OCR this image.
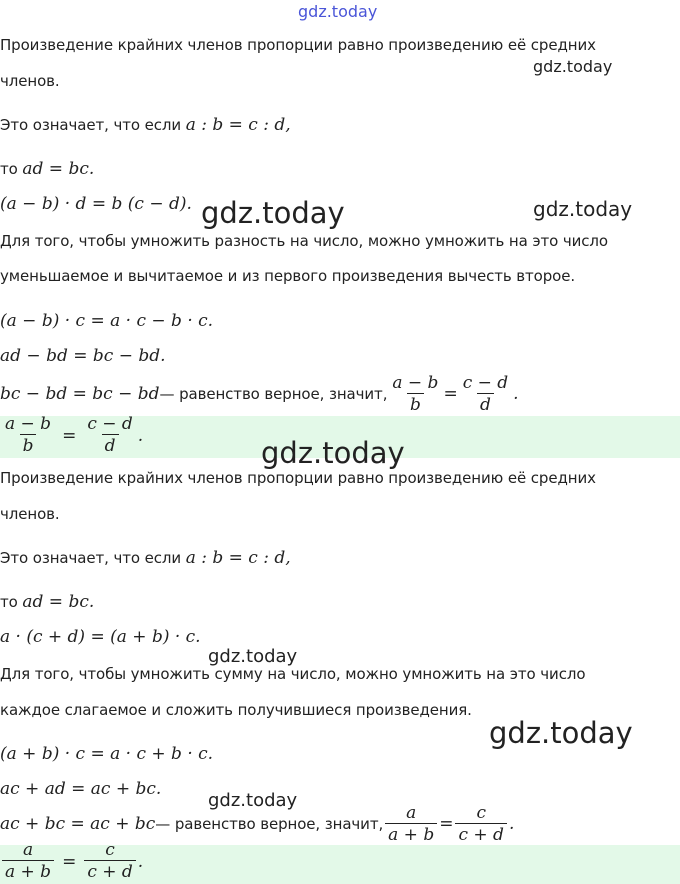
gdz.today
Произведение крайних членов пропорции равно произведению её средних
членов.
gdz.today
Это означает, что если a : b = c : d,
то ad = bc.
(a − b) · d = b (c − d). gdz.today	gdz.today
Для того, чтобы умножить разность на число, можно умножить на это число
уменьшаемое и вычитаемое и из первого произведения вычесть второе.
(a − b) · c = a · c − b · c.
ad − bd = bc − bd.
bc − bd = bc − bd — равенство верное, значит, $\frac{a - b}{b} = \frac{c - d}{d}$ .
$\frac{a - b}{b} = \frac{c - d}{d}$ .
gdz.today
Произведение крайних членов пропорции равно произведению её средних
членов.
Это означает, что если a : b = c : d,
то ad = bc.
a · (c + d) = (a + b) · c.
gdz.today
Для того, чтобы умножить сумму на число, можно умножить на это число
каждое слагаемое и сложить получившиеся произведения.
gdz.today
(a + b) · c = a · c + b · c.
ac + ad = ac + bc.
gdz.today
ac + bc = ac + bc — равенство верное, значит, $\frac{a}{a + b} = \frac{c}{c + d}$ .
$\frac{a}{a + b} = \frac{c}{c + d}$ .
